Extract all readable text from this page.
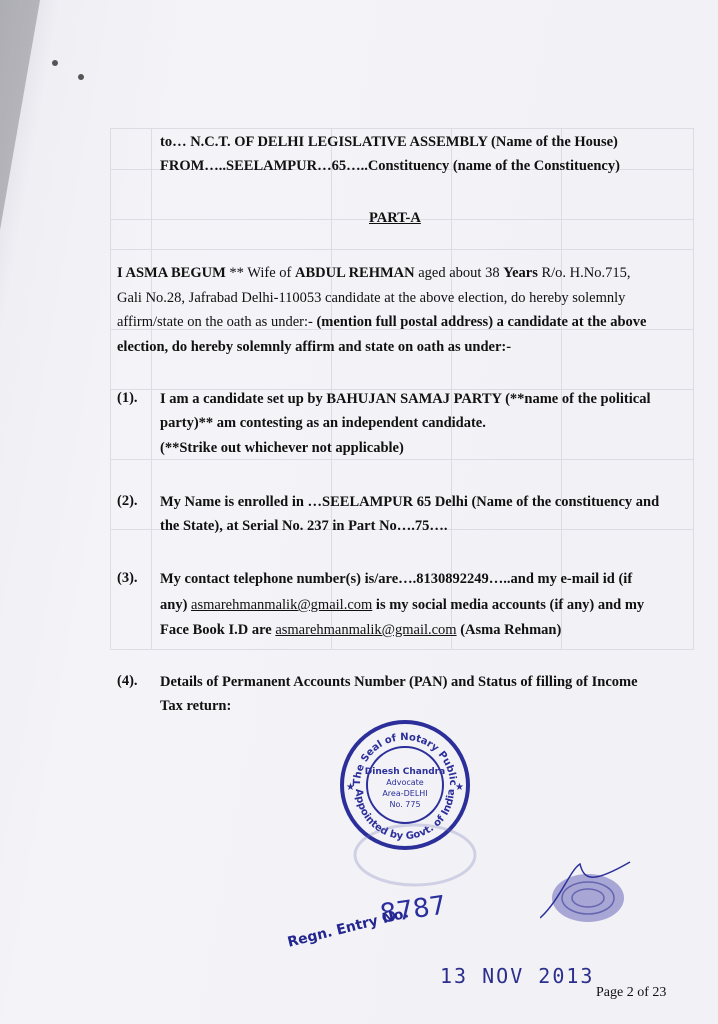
to… N.C.T. OF DELHI LEGISLATIVE ASSEMBLY (Name of the House)
FROM…..SEELAMPUR…65…..Constituency (name of the Constituency)
PART-A
I ASMA BEGUM ** Wife of ABDUL REHMAN aged about 38 Years R/o. H.No.715,
Gali No.28, Jafrabad Delhi-110053 candidate at the above election, do hereby solemnly
affirm/state on the oath as under:- (mention full postal address) a candidate at the above
election, do hereby solemnly affirm and state on oath as under:-
(1). I am a candidate set up by BAHUJAN SAMAJ PARTY (**name of the political
party)** am contesting as an independent candidate.
(**Strike out whichever not applicable)
(2). My Name is enrolled in …SEELAMPUR 65 Delhi (Name of the constituency and
the State), at Serial No. 237 in Part No….75….
(3). My contact telephone number(s) is/are….8130892249…..and my e-mail id (if
any) asmarehmanmalik@gmail.com is my social media accounts (if any) and my
Face Book I.D are asmarehmanmalik@gmail.com (Asma Rehman)
(4). Details of Permanent Accounts Number (PAN) and Status of filling of Income
Tax return:
The Seal of Notary Public
Appointed by Govt. of India
Dinesh Chandra
Advocate
Area-DELHI
No. 775
★	★
8787
Regn. Entry No.
13 NOV 2013
Page 2 of 23
